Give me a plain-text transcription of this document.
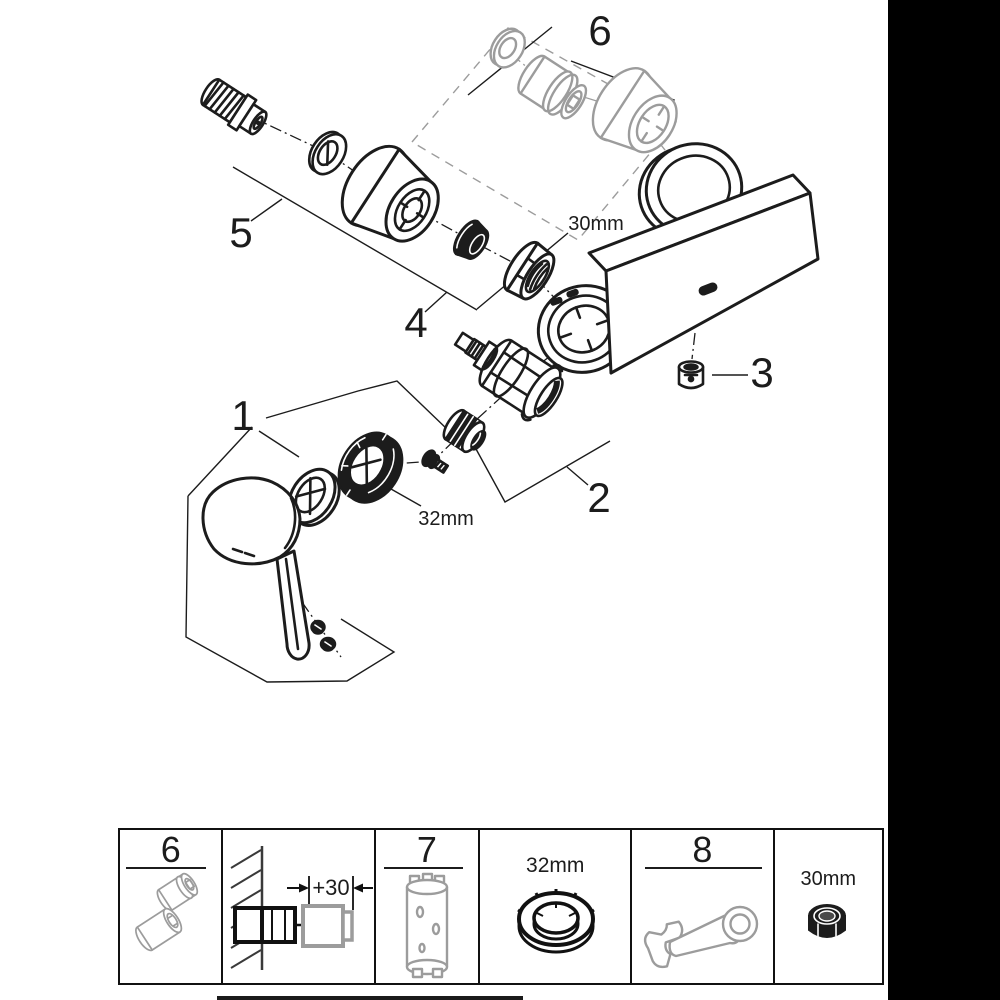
6
5
4
3
2
1
30mm
32mm
6
+30
7	32mm	8
30mm
